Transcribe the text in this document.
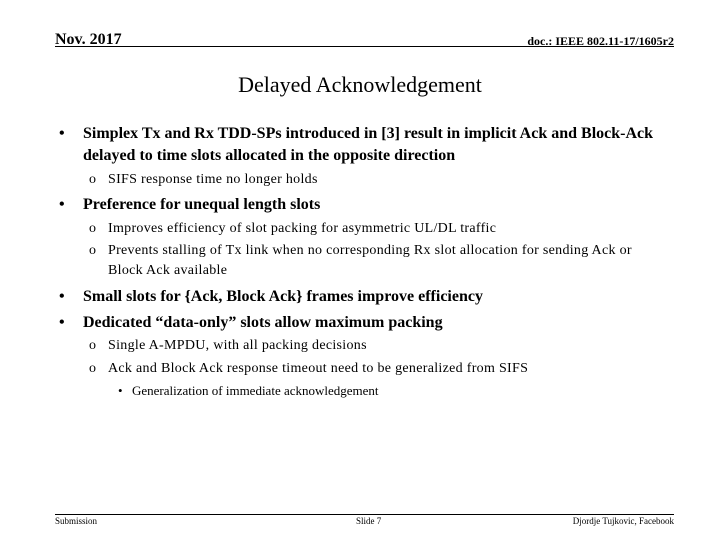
Nov. 2017	doc.: IEEE 802.11-17/1605r2
Delayed Acknowledgement
•	Simplex Tx and Rx TDD-SPs introduced in [3] result in implicit Ack and Block-Ack delayed to time slots allocated in the opposite direction
o SIFS response time no longer holds
•	Preference for unequal length slots
o Improves efficiency of slot packing for asymmetric UL/DL traffic
o Prevents stalling of Tx link when no corresponding Rx slot allocation for sending Ack or Block Ack available
•	Small slots for {Ack, Block Ack} frames improve efficiency
•	Dedicated “data-only” slots allow maximum packing
o Single A-MPDU, with all packing decisions
o Ack and Block Ack response timeout need to be generalized from SIFS
• Generalization of immediate acknowledgement
Submission	Slide 7	Djordje Tujkovic, Facebook
